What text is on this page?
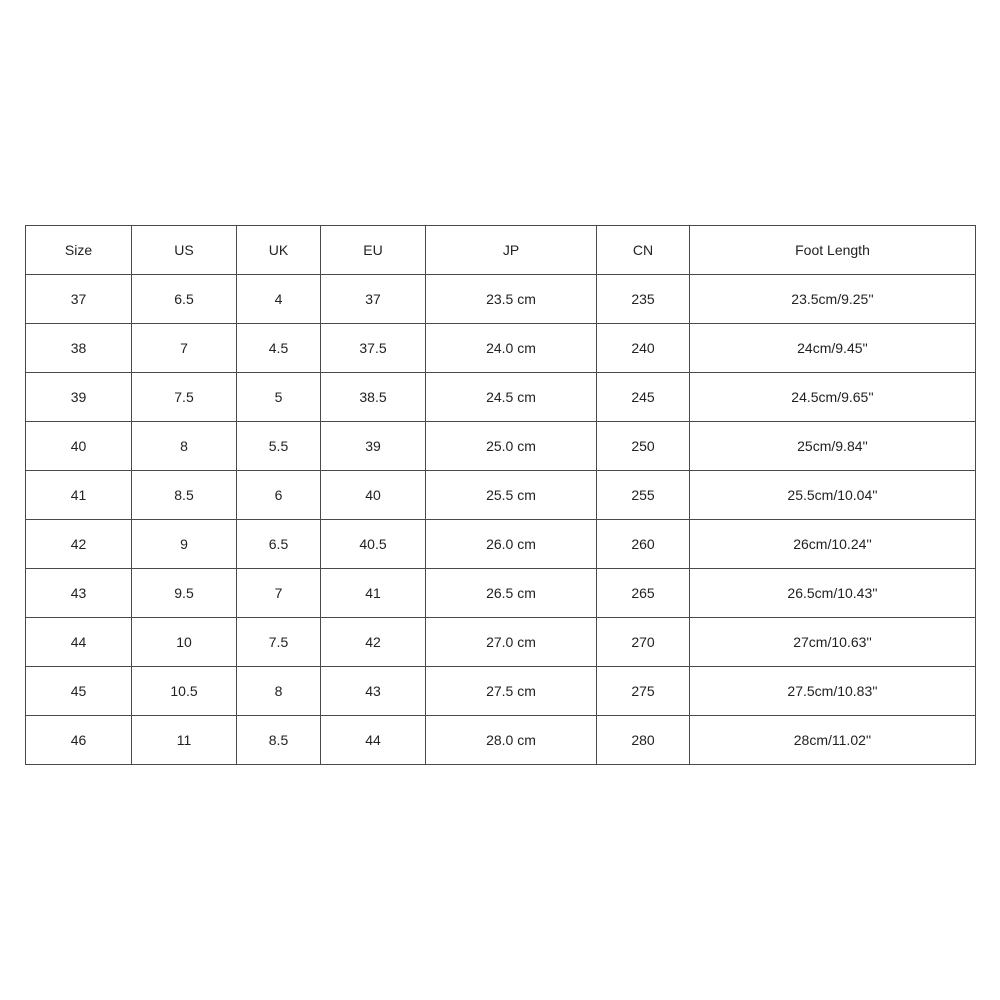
Size	US	UK	EU	JP	CN	Foot Length
37	6.5	4	37	23.5 cm	235	23.5cm/9.25''
38	7	4.5	37.5	24.0 cm	240	24cm/9.45''
39	7.5	5	38.5	24.5 cm	245	24.5cm/9.65''
40	8	5.5	39	25.0 cm	250	25cm/9.84''
41	8.5	6	40	25.5 cm	255	25.5cm/10.04''
42	9	6.5	40.5	26.0 cm	260	26cm/10.24''
43	9.5	7	41	26.5 cm	265	26.5cm/10.43''
44	10	7.5	42	27.0 cm	270	27cm/10.63''
45	10.5	8	43	27.5 cm	275	27.5cm/10.83''
46	11	8.5	44	28.0 cm	280	28cm/11.02''
